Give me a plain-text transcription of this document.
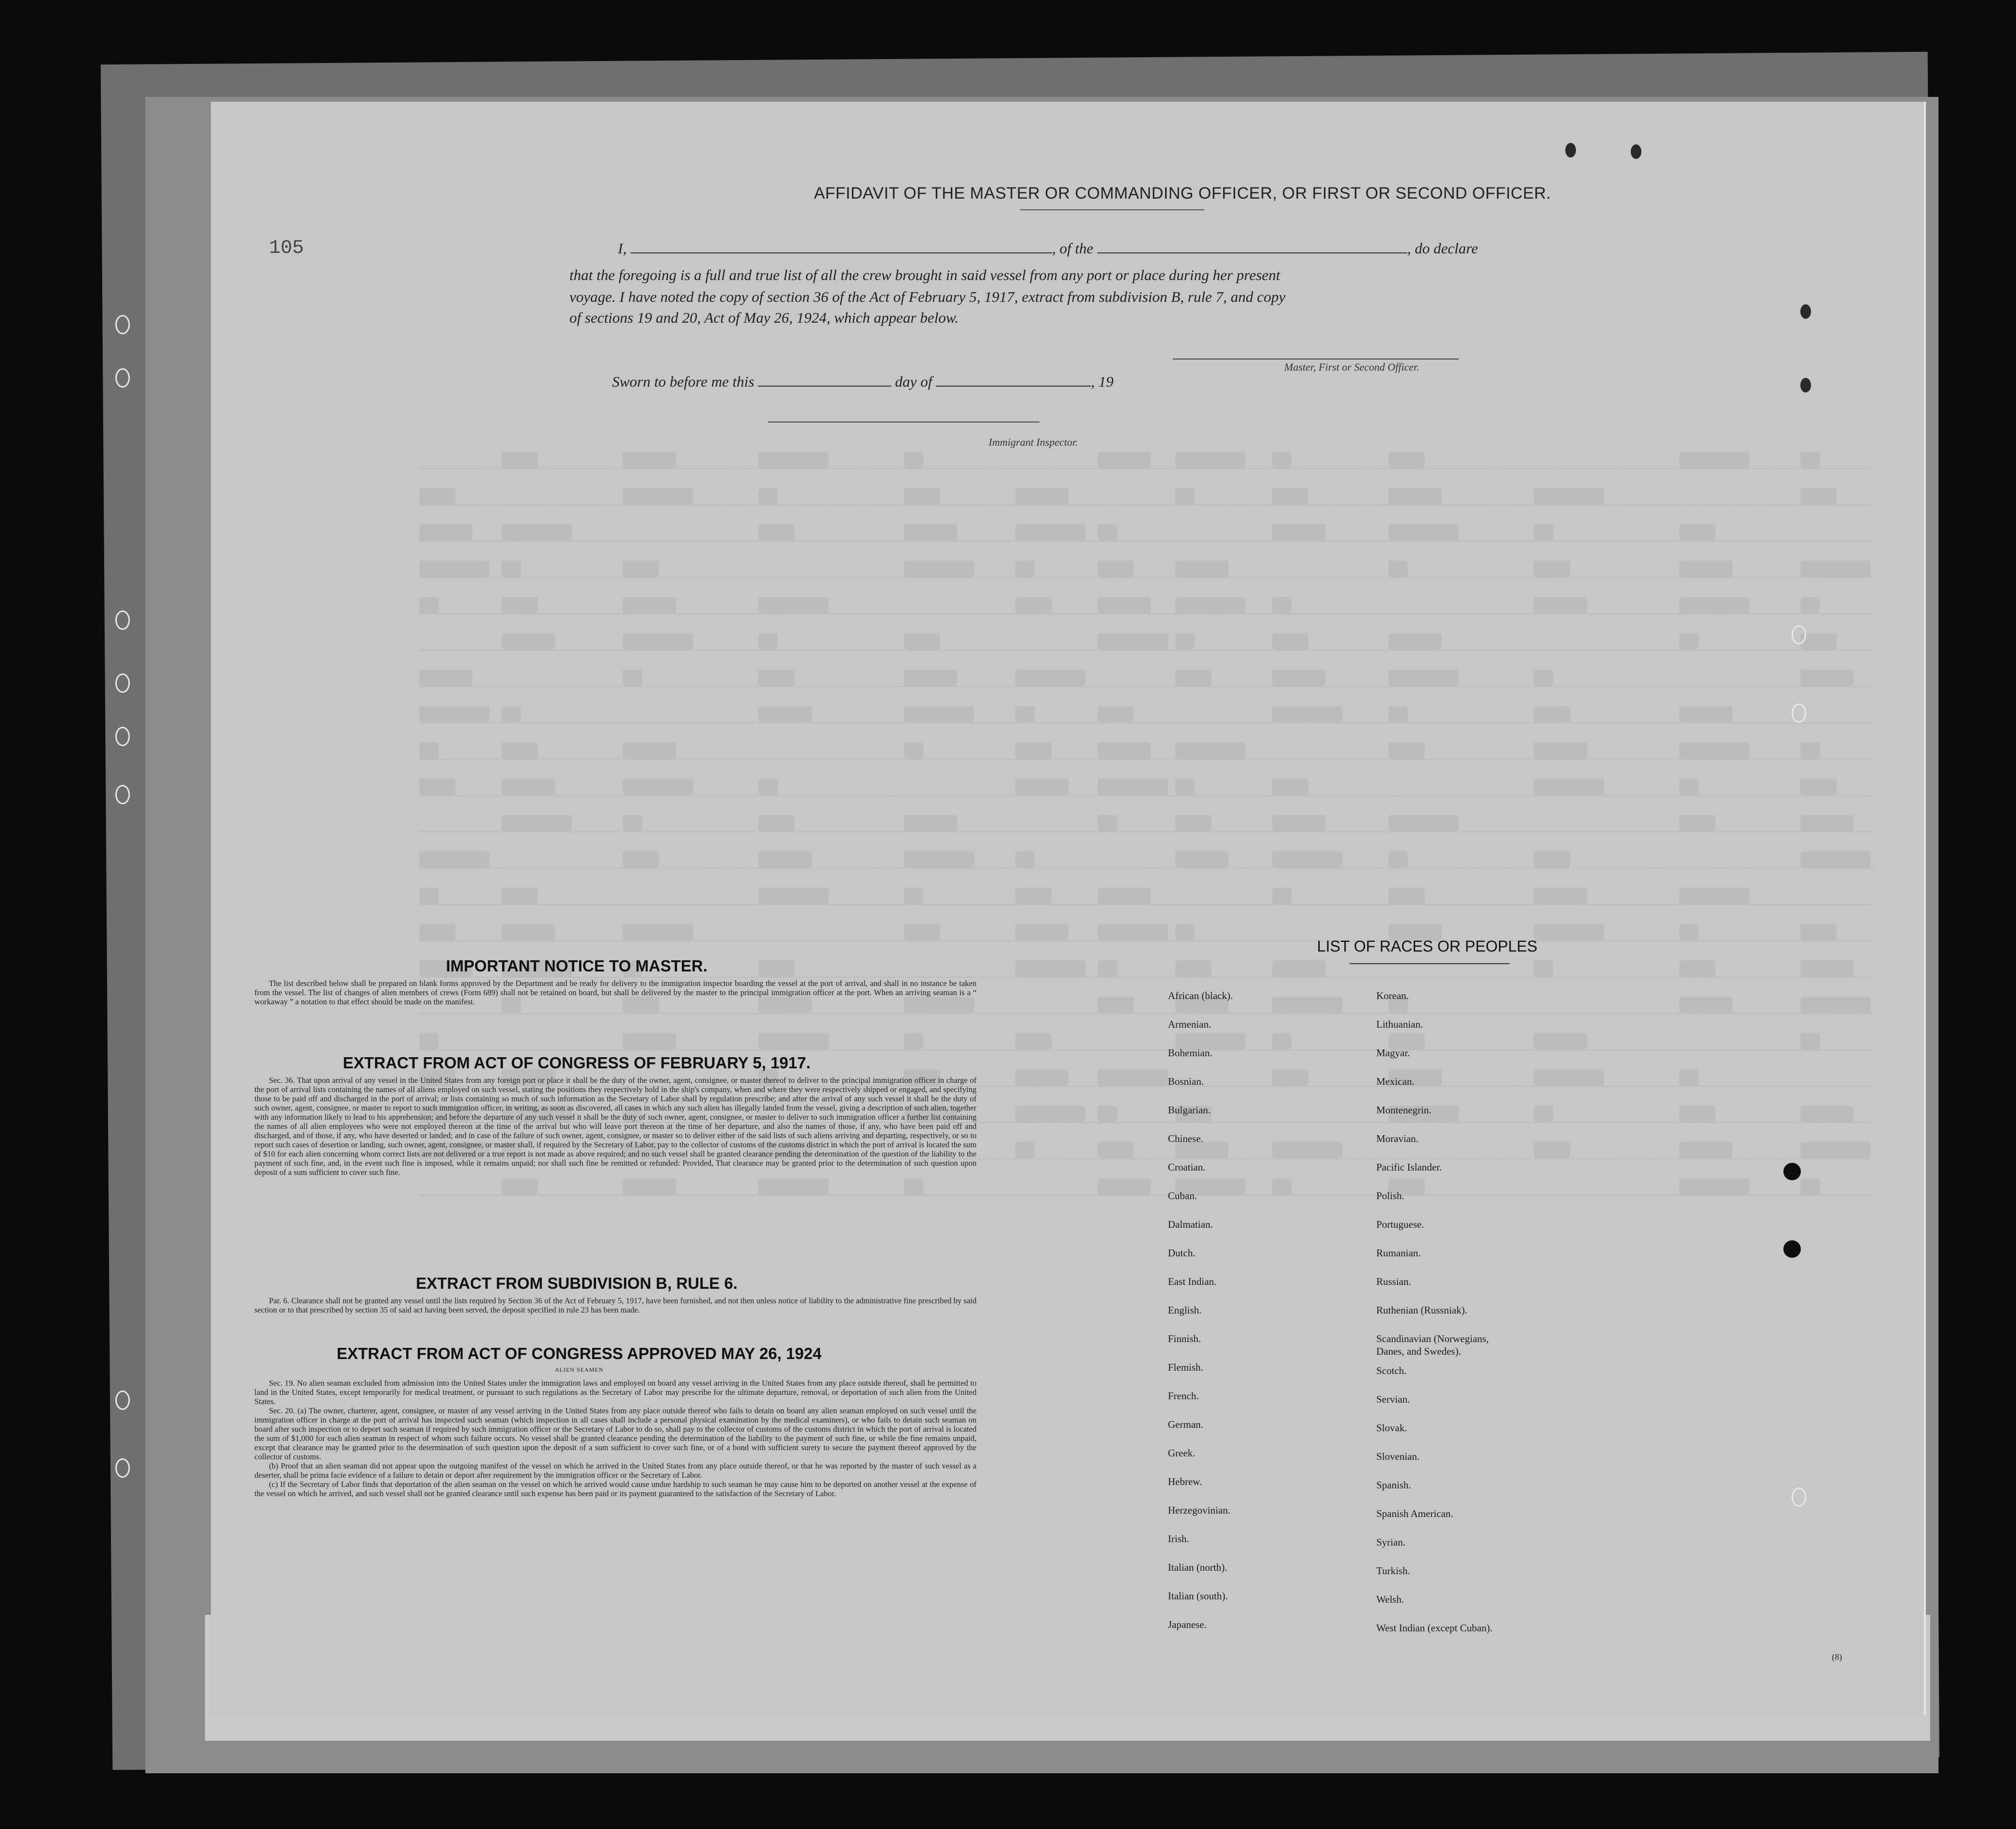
105
AFFIDAVIT OF THE MASTER OR COMMANDING OFFICER, OR FIRST OR SECOND OFFICER.
I,	, of the	, do declare
that the foregoing is a full and true list of all the crew brought in said vessel from any port or place during her present
voyage. I have noted the copy of section 36 of the Act of February 5, 1917, extract from subdivision B, rule 7, and copy
of sections 19 and 20, Act of May 26, 1924, which appear below.
Master, First or Second Officer.
Sworn to before me this	day of	, 19
Immigrant Inspector.
IMPORTANT NOTICE TO MASTER.

The list described below shall be prepared on blank forms approved by the Department and be ready for delivery to the immigration inspector boarding the vessel at the port of arrival, and shall in no instance be taken from the vessel. The list of changes of alien members of crews (Form 689) shall not be retained on board, but shall be delivered by the master to the principal immigration officer at the port. When an arriving seaman is a “ workaway ” a notation to that effect should be made on the manifest.

EXTRACT FROM ACT OF CONGRESS OF FEBRUARY 5, 1917.

Sec. 36. That upon arrival of any vessel in the United States from any foreign port or place it shall be the duty of the owner, agent, consignee, or master thereof to deliver to the principal immigration officer in charge of the port of arrival lists containing the names of all aliens employed on such vessel, stating the positions they respectively hold in the ship's company, when and where they were respectively shipped or engaged, and specifying those to be paid off and discharged in the port of arrival; or lists containing so much of such information as the Secretary of Labor shall by regulation prescribe; and after the arrival of any such vessel it shall be the duty of such owner, agent, consignee, or master to report to such immigration officer, in writing, as soon as discovered, all cases in which any such alien has illegally landed from the vessel, giving a description of such alien, together with any information likely to lead to his apprehension; and before the departure of any such vessel it shall be the duty of such owner, agent, consignee, or master to deliver to such immigration officer a further list containing the names of all alien employees who were not employed thereon at the time of the arrival but who will leave port thereon at the time of her departure, and also the names of those, if any, who have been paid off and discharged, and of those, if any, who have deserted or landed; and in case of the failure of such owner, agent, consignee, or master so to deliver either of the said lists of such aliens arriving and departing, respectively, or so to report such cases of desertion or landing, such owner, agent, consignee, or master shall, if required by the Secretary of Labor, pay to the collector of customs of the customs district in which the port of arrival is located the sum of $10 for each alien concerning whom correct lists are not delivered or a true report is not made as above required; and no such vessel shall be granted clearance pending the determination of the question of the liability to the payment of such fine, and, in the event such fine is imposed, while it remains unpaid; nor shall such fine be remitted or refunded: Provided, That clearance may be granted prior to the determination of such question upon deposit of a sum sufficient to cover such fine.

EXTRACT FROM SUBDIVISION B, RULE 6.

Par. 6. Clearance shall not be granted any vessel until the lists required by Section 36 of the Act of February 5, 1917, have been furnished, and not then unless notice of liability to the administrative fine prescribed by said section or to that prescribed by section 35 of said act having been served, the deposit specified in rule 23 has been made.

EXTRACT FROM ACT OF CONGRESS APPROVED MAY 26, 1924
ALIEN SEAMEN

Sec. 19. No alien seaman excluded from admission into the United States under the immigration laws and employed on board any vessel arriving in the United States from any place outside thereof, shall be permitted to land in the United States, except temporarily for medical treatment, or pursuant to such regulations as the Secretary of Labor may prescribe for the ultimate departure, removal, or deportation of such alien from the United States.

Sec. 20. (a) The owner, charterer, agent, consignee, or master of any vessel arriving in the United States from any place outside thereof who fails to detain on board any alien seaman employed on such vessel until the immigration officer in charge at the port of arrival has inspected such seaman (which inspection in all cases shall include a personal physical examination by the medical examiners), or who fails to detain such seaman on board after such inspection or to deport such seaman if required by such immigration officer or the Secretary of Labor to do so, shall pay to the collector of customs of the customs district in which the port of arrival is located the sum of $1,000 for each alien seaman in respect of whom such failure occurs. No vessel shall be granted clearance pending the determination of the liability to the payment of such fine, or while the fine remains unpaid, except that clearance may be granted prior to the determination of such question upon the deposit of a sum sufficient to cover such fine, or of a bond with sufficient surety to secure the payment thereof approved by the collector of customs.

(b) Proof that an alien seaman did not appear upon the outgoing manifest of the vessel on which he arrived in the United States from any place outside thereof, or that he was reported by the master of such vessel as a deserter, shall be prima facie evidence of a failure to detain or deport after requirement by the immigration officer or the Secretary of Labor.

(c) If the Secretary of Labor finds that deportation of the alien seaman on the vessel on which he arrived would cause undue hardship to such seaman he may cause him to be deported on another vessel at the expense of the vessel on which he arrived, and such vessel shall not be granted clearance until such expense has been paid or its payment guaranteed to the satisfaction of the Secretary of Labor.

LIST OF RACES OR PEOPLES
African (black).
Armenian.
Bohemian.
Bosnian.
Bulgarian.
Chinese.
Croatian.
Cuban.
Dalmatian.
Dutch.
East Indian.
English.
Finnish.
Flemish.
French.
German.
Greek.
Hebrew.
Herzegovinian.
Irish.
Italian (north).
Italian (south).
Japanese.
Korean.
Lithuanian.
Magyar.
Mexican.
Montenegrin.
Moravian.
Pacific Islander.
Polish.
Portuguese.
Rumanian.
Russian.
Ruthenian (Russniak).
Scandinavian (Norwegians,
Danes, and Swedes).
Scotch.
Servian.
Slovak.
Slovenian.
Spanish.
Spanish American.
Syrian.
Turkish.
Welsh.
West Indian (except Cuban).
(8)
